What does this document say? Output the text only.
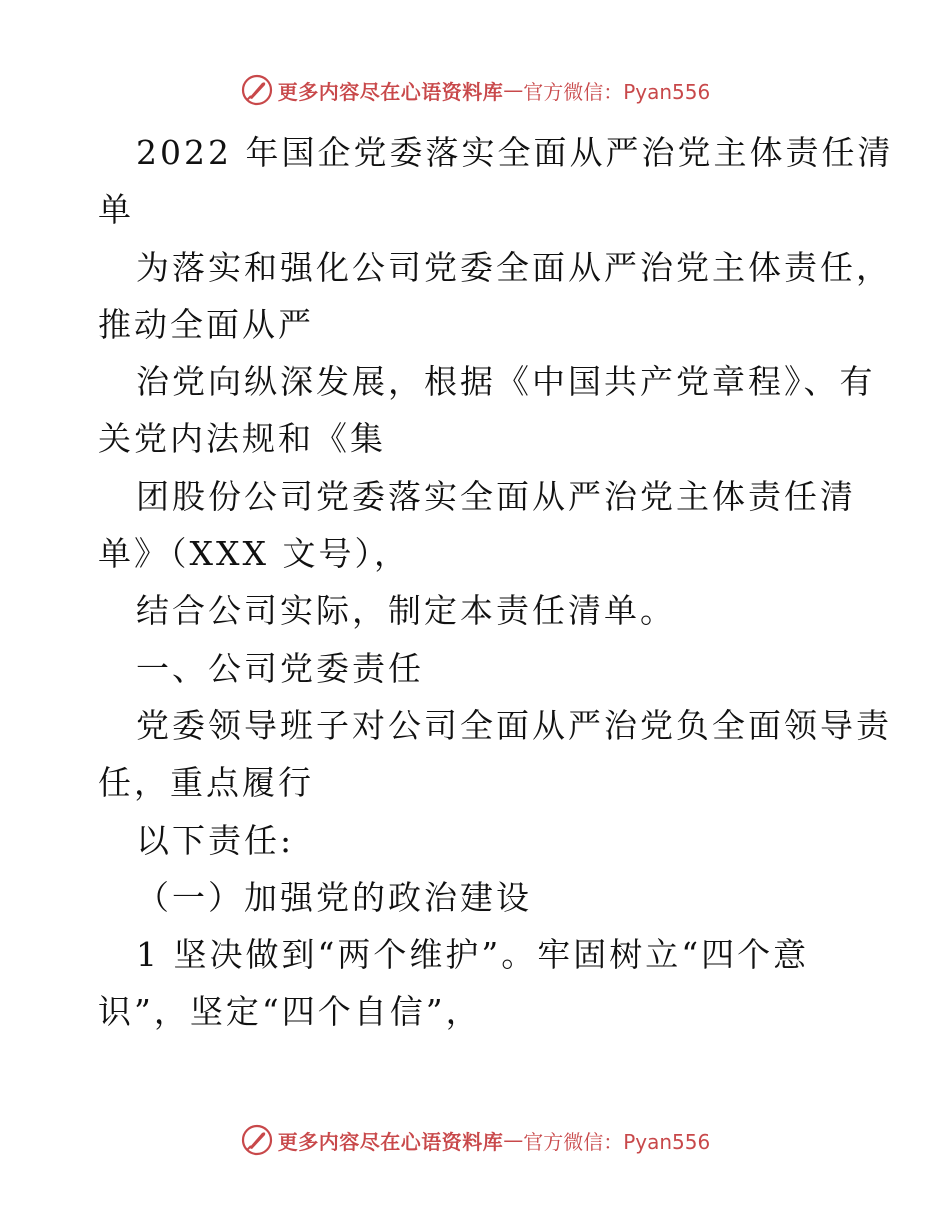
更多内容尽在心语资料库 — 官方微信：Pyan556
2022 年国企党委落实全面从严治党主体责任清
单
为落实和强化公司党委全面从严治党主体责任，
推动全面从严
治党向纵深发展，根据《中国共产党章程》、有
关党内法规和《集
团股份公司党委落实全面从严治党主体责任清
单》（XXX 文号），
结合公司实际，制定本责任清单。
一、公司党委责任
党委领导班子对公司全面从严治党负全面领导责
任，重点履行
以下责任:
（一）加强党的政治建设
1 坚决做到“两个维护”。牢固树立“四个意
识”，坚定“四个自信”，
更多内容尽在心语资料库 — 官方微信：Pyan556
